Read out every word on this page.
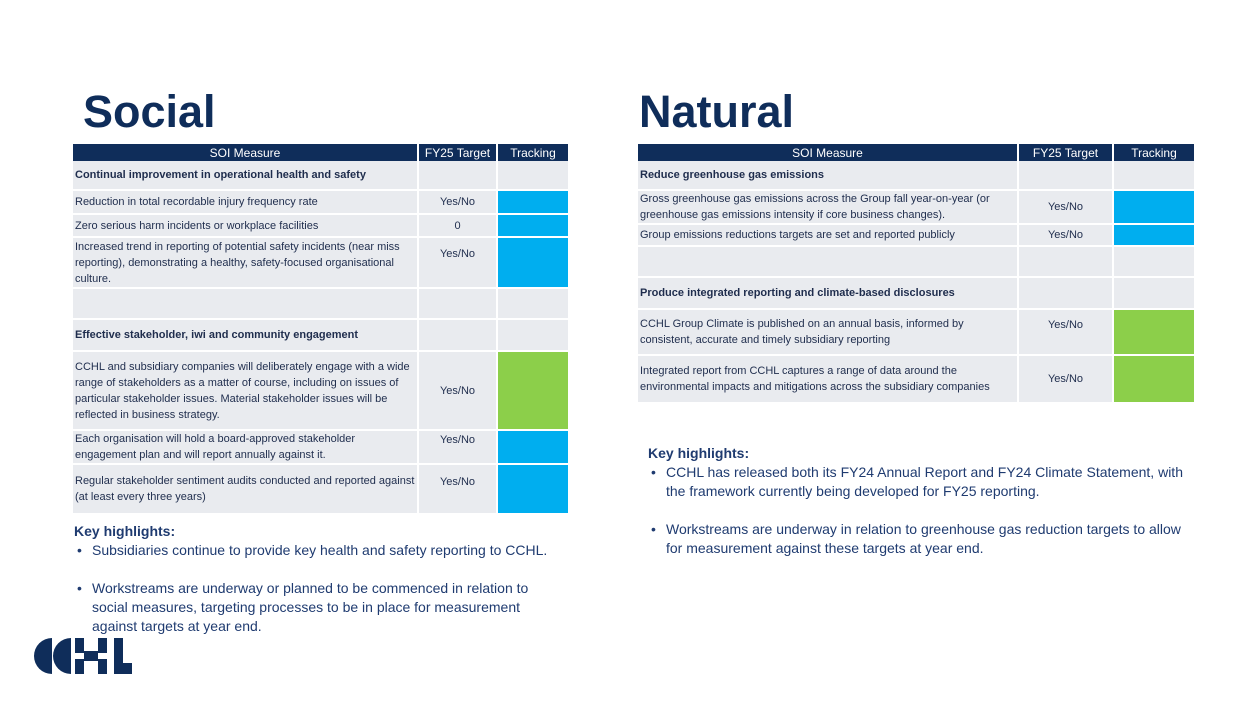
Social
SOI Measure	FY25 Target	Tracking
Continual improvement in operational health and safety		
Reduction in total recordable injury frequency rate	Yes/No	
Zero serious harm incidents or workplace facilities	0	
Increased trend in reporting of potential safety incidents (near miss reporting), demonstrating a healthy, safety-focused organisational culture.	Yes/No	

Effective stakeholder, iwi and community engagement		
CCHL and subsidiary companies will deliberately engage with a wide range of stakeholders as a matter of course, including on issues of particular stakeholder issues. Material stakeholder issues will be reflected in business strategy.	Yes/No	
Each organisation will hold a board-approved stakeholder engagement plan and will report annually against it.	Yes/No	
Regular stakeholder sentiment audits conducted and reported against (at least every three years)	Yes/No	

Key highlights:

• Subsidiaries continue to provide key health and safety reporting to CCHL.
• Workstreams are underway or planned to be commenced in relation to social measures, targeting processes to be in place for measurement against targets at year end.
Natural
SOI Measure	FY25 Target	Tracking
Reduce greenhouse gas emissions		
Gross greenhouse gas emissions across the Group fall year-on-year (or greenhouse gas emissions intensity if core business changes).	Yes/No	
Group emissions reductions targets are set and reported publicly	Yes/No	

Produce integrated reporting and climate-based disclosures		
CCHL Group Climate is published on an annual basis, informed by consistent, accurate and timely subsidiary reporting	Yes/No	
Integrated report from CCHL captures a range of data around the environmental impacts and mitigations across the subsidiary companies	Yes/No	

Key highlights:

• CCHL has released both its FY24 Annual Report and FY24 Climate Statement, with the framework currently being developed for FY25 reporting.
• Workstreams are underway in relation to greenhouse gas reduction targets to allow for measurement against these targets at year end.
